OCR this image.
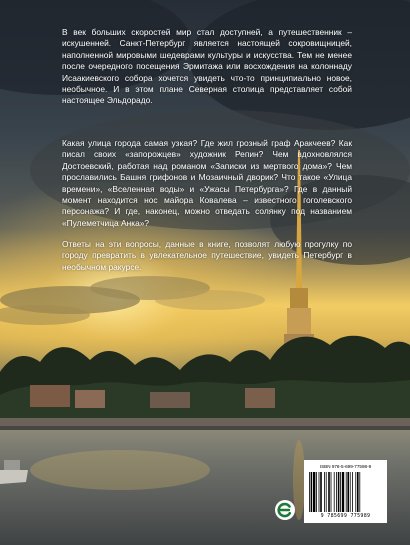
В век больших скоростей мир стал доступней, а путешественник – искушенней. Санкт-Петербург является настоящей сокровищницей, наполненной мировыми шедеврами культуры и искусства. Тем не менее после очередного посещения Эрмитажа или восхождения на колоннаду Исаакиевского собора хочется увидеть что-то принципиально новое, необычное. И в этом плане Северная столица представляет собой настоящее Эльдорадо.

Какая улица города самая узкая? Где жил грозный граф Аракчеев? Как писал своих «запорожцев» художник Репин? Чем вдохновлялся Достоевский, работая над романом «Записки из мертвого дома»? Чем прославились Башня грифонов и Мозаичный дворик? Что такое «Улица времени», «Вселенная воды» и «Ужасы Петербурга»? Где в данный момент находится нос майора Ковалева – известного гоголевского персонажа? И где, наконец, можно отведать солянку под названием «Пулеметчица Анка»?

Ответы на эти вопросы, данные в книге, позволят любую прогулку по городу превратить в увлекательное путешествие, увидеть Петербург в необычном ракурсе.

ISBN 978-5-699-77598-9
9 785699 775989
